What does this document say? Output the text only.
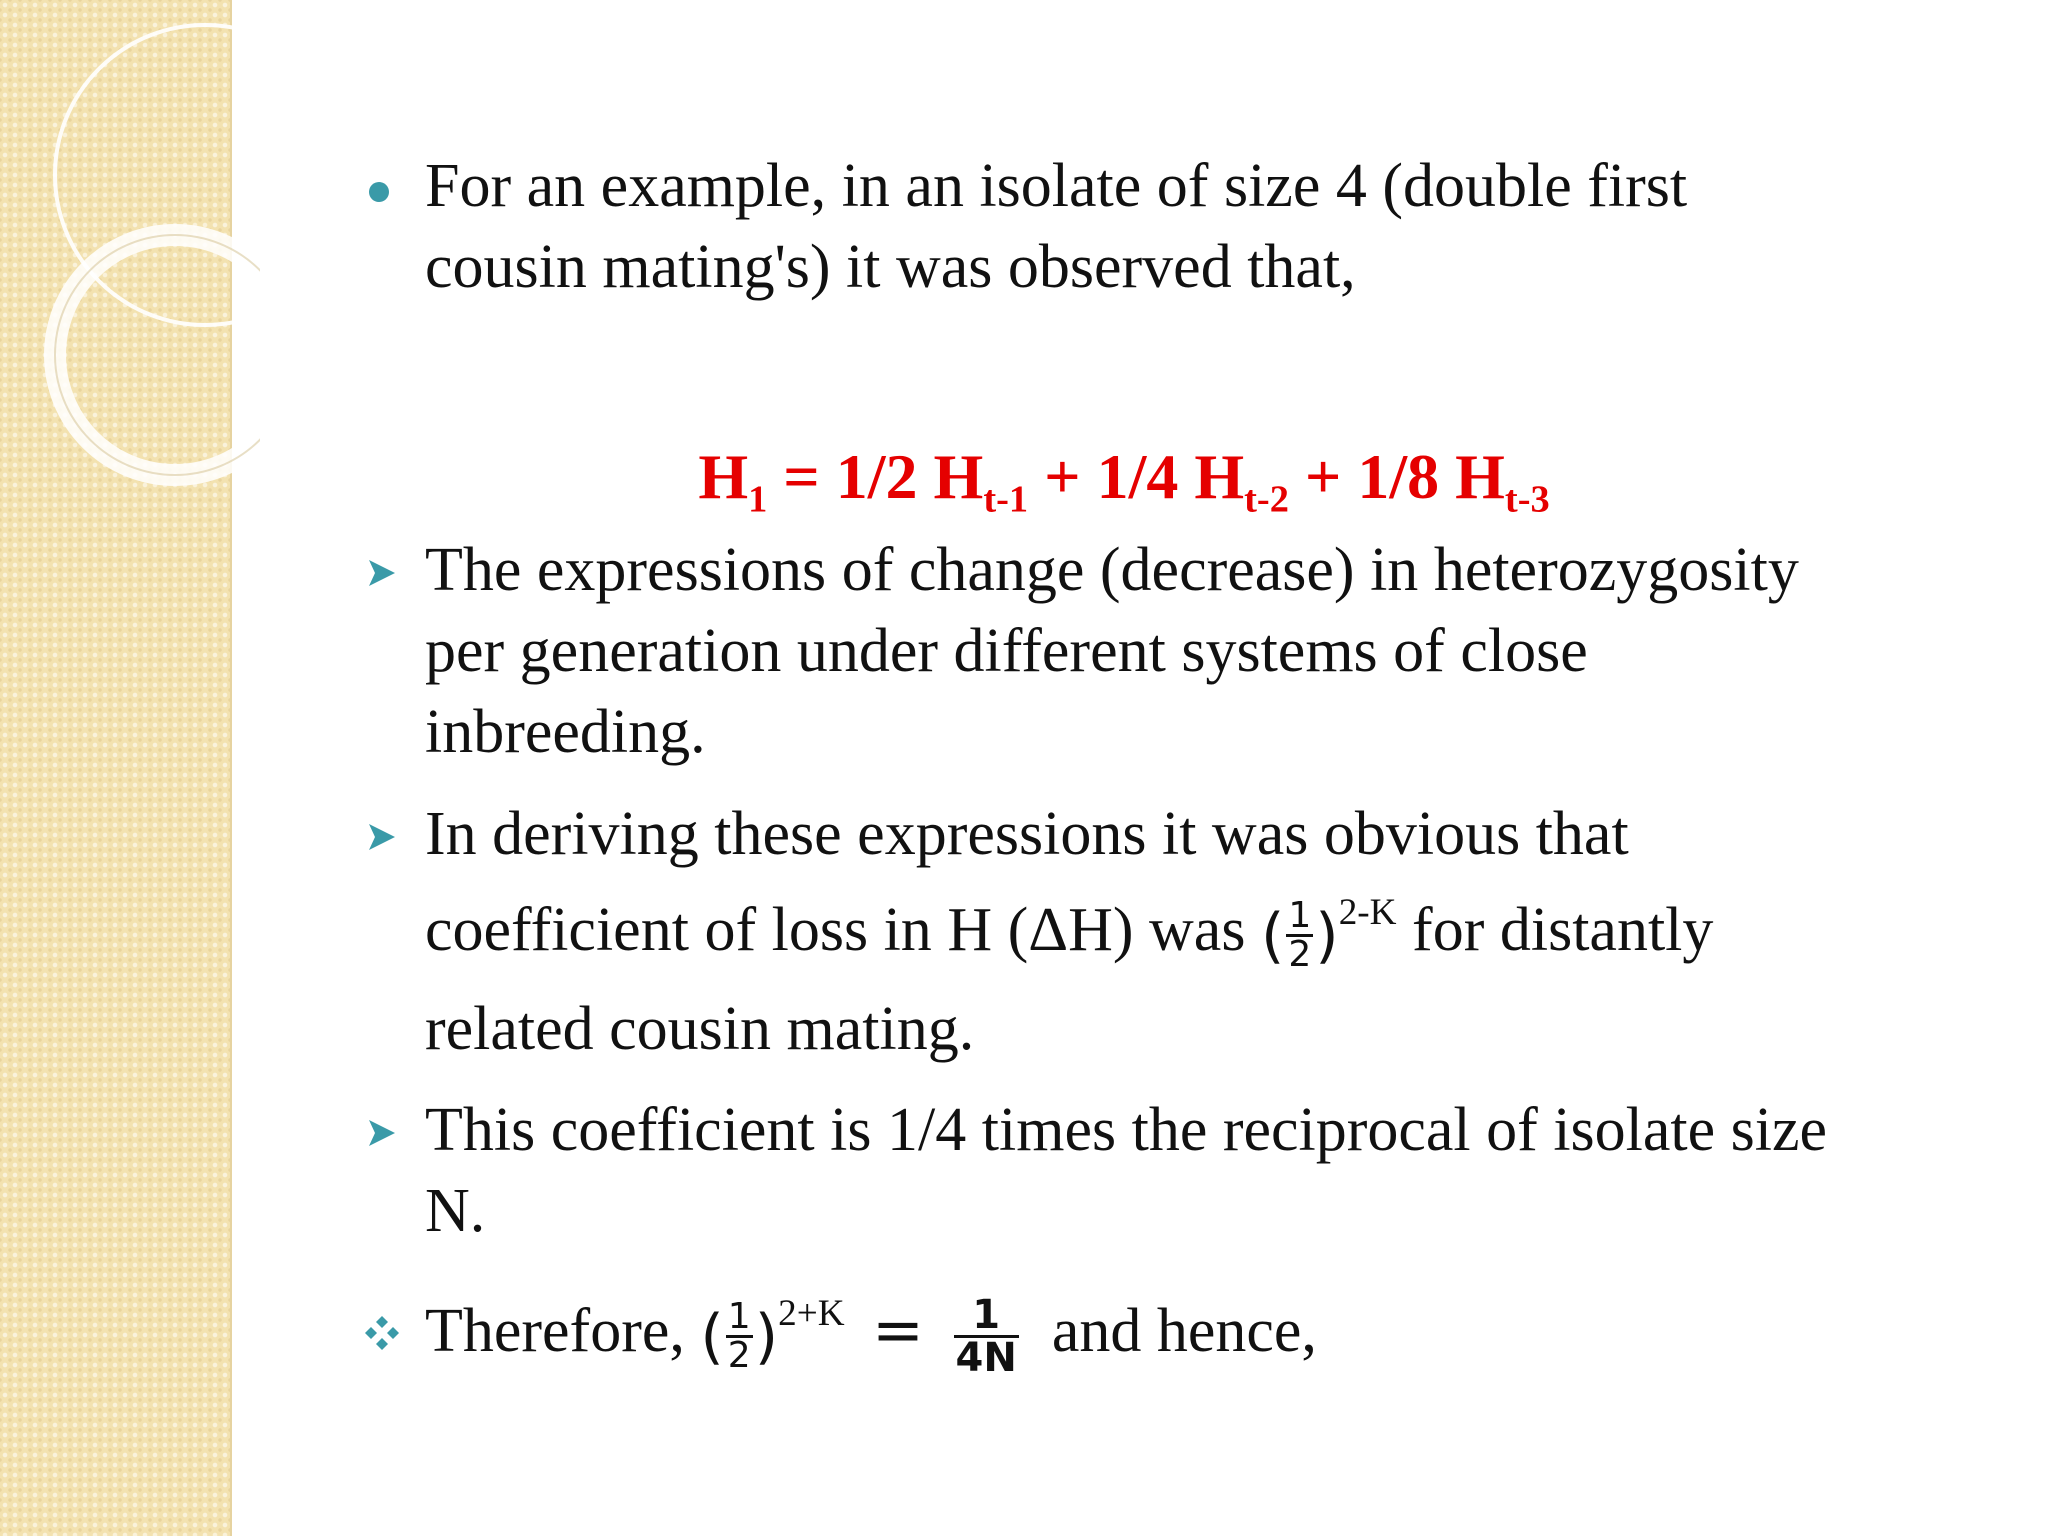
For an example, in an isolate of size 4 (double first
cousin mating's) it was observed that,
$H_1 = 1/2$ $H_{t-1} + 1/4$ $H_{t-2} + 1/8$ $H_{t-3}$
The expressions of change (decrease) in heterozygosity
per generation under different systems of close
inbreeding.
In deriving these expressions it was obvious that
coefficient of loss in H (ΔH) was ( $\frac{1}{2} )^{2-K}$ for distantly
related cousin mating.
This coefficient is 1/4 times the reciprocal of isolate size
N.
Therefore, ( $\frac{1}{2} )^{2+K} = \frac{1}{4N}$ and hence,
